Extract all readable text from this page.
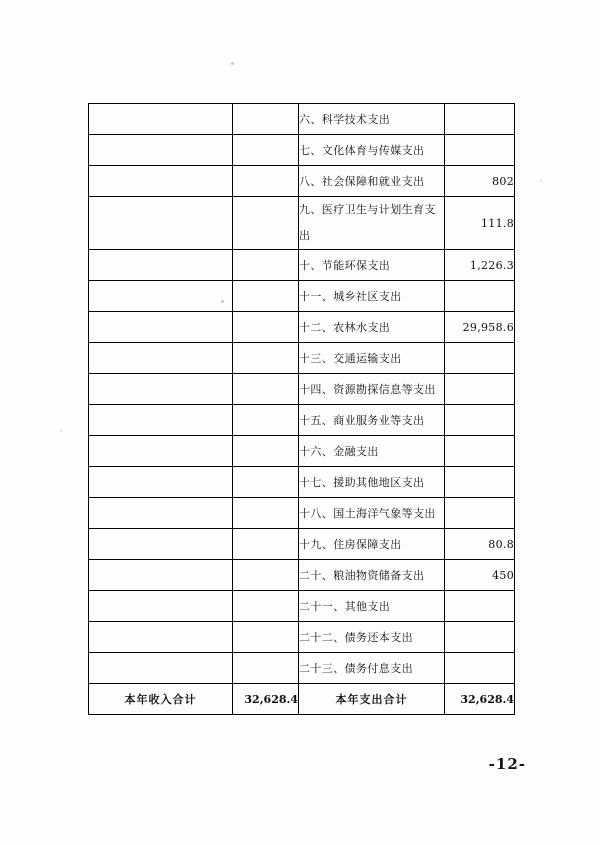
		六、科学技术支出	
		七、文化体育与传媒支出	
		八、社会保障和就业支出	802
		九、医疗卫生与计划生育支出	111.8
		十、节能环保支出	1,226.3
		十一、城乡社区支出	
		十二、农林水支出	29,958.6
		十三、交通运输支出	
		十四、资源勘探信息等支出	
		十五、商业服务业等支出	
		十六、金融支出	
		十七、援助其他地区支出	
		十八、国土海洋气象等支出	
		十九、住房保障支出	80.8
		二十、粮油物资储备支出	450
		二十一、其他支出	
		二十二、债务还本支出	
		二十三、债务付息支出	
本年收入合计	32,628.4	本年支出合计	32,628.4
-12-
